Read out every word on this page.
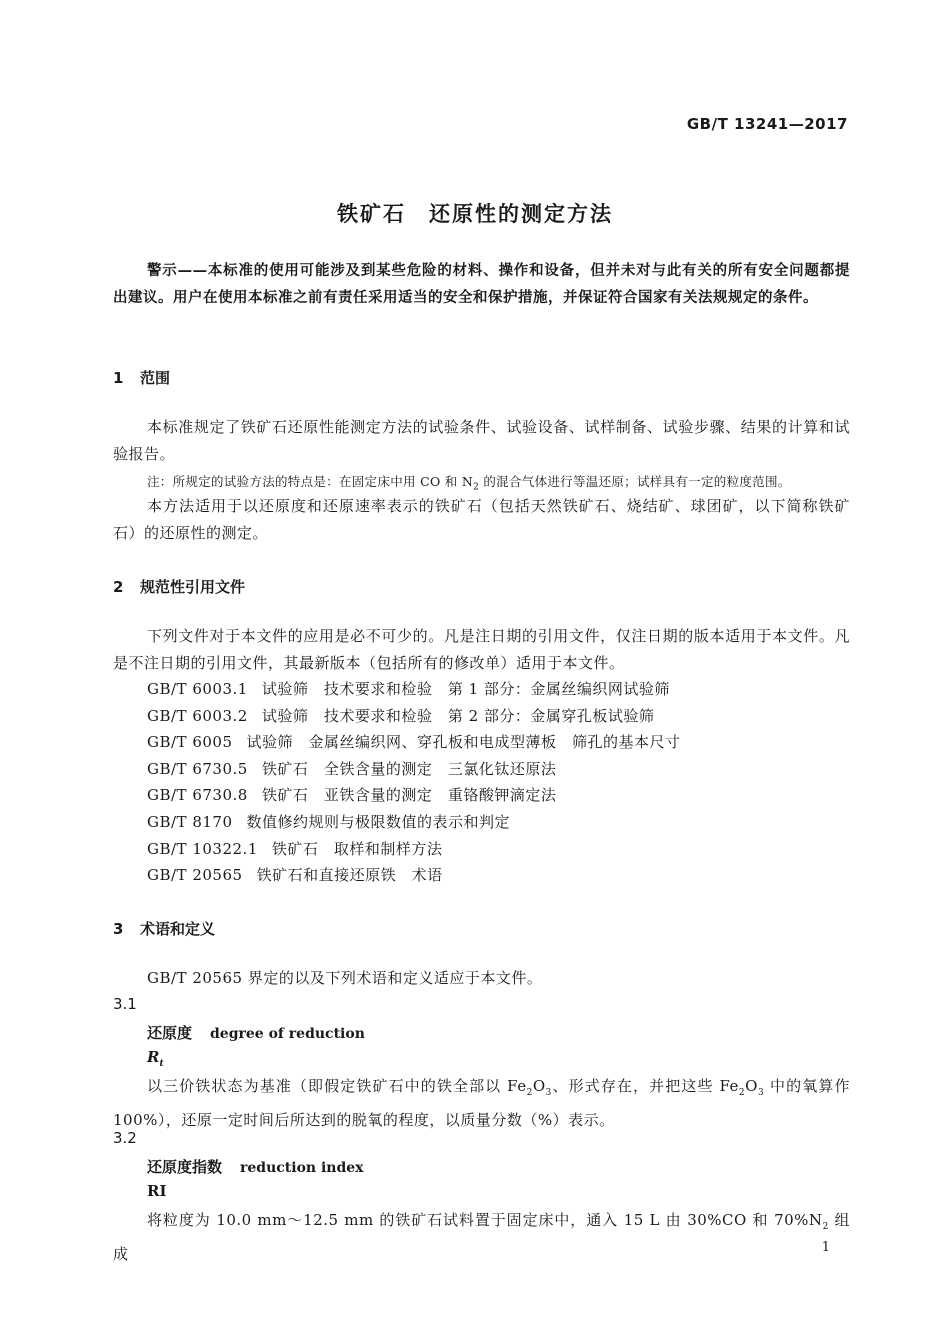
GB/T 13241—2017
铁矿石　还原性的测定方法
警示——本标准的使用可能涉及到某些危险的材料、操作和设备，但并未对与此有关的所有安全问题都提出建议。用户在使用本标准之前有责任采用适当的安全和保护措施，并保证符合国家有关法规规定的条件。
1 范围
本标准规定了铁矿石还原性能测定方法的试验条件、试验设备、试样制备、试验步骤、结果的计算和试验报告。
注：所规定的试验方法的特点是：在固定床中用 CO 和 $N_2$ 的混合气体进行等温还原；试样具有一定的粒度范围。
本方法适用于以还原度和还原速率表示的铁矿石（包括天然铁矿石、烧结矿、球团矿，以下简称铁矿石）的还原性的测定。
2 规范性引用文件
下列文件对于本文件的应用是必不可少的。凡是注日期的引用文件，仅注日期的版本适用于本文件。凡是不注日期的引用文件，其最新版本（包括所有的修改单）适用于本文件。
GB/T 6003.1 试验筛　技术要求和检验　第 1 部分：金属丝编织网试验筛
GB/T 6003.2 试验筛　技术要求和检验　第 2 部分：金属穿孔板试验筛
GB/T 6005 试验筛　金属丝编织网、穿孔板和电成型薄板　筛孔的基本尺寸
GB/T 6730.5 铁矿石　全铁含量的测定　三氯化钛还原法
GB/T 6730.8 铁矿石　亚铁含量的测定　重铬酸钾滴定法
GB/T 8170 数值修约规则与极限数值的表示和判定
GB/T 10322.1 铁矿石　取样和制样方法
GB/T 20565 铁矿石和直接还原铁　术语
3 术语和定义
GB/T 20565 界定的以及下列术语和定义适应于本文件。
3.1
还原度 degree of reduction
$R_t$
以三价铁状态为基准（即假定铁矿石中的铁全部以 $Fe_2O_3$、形式存在，并把这些 $Fe_2O_3$ 中的氧算作 100%），还原一定时间后所达到的脱氧的程度，以质量分数（%）表示。
3.2
还原度指数 reduction index
RI
将粒度为 10.0 mm～12.5 mm 的铁矿石试料置于固定床中，通入 15 L 由 30%CO 和 $70\%N_2$ 组成	1
